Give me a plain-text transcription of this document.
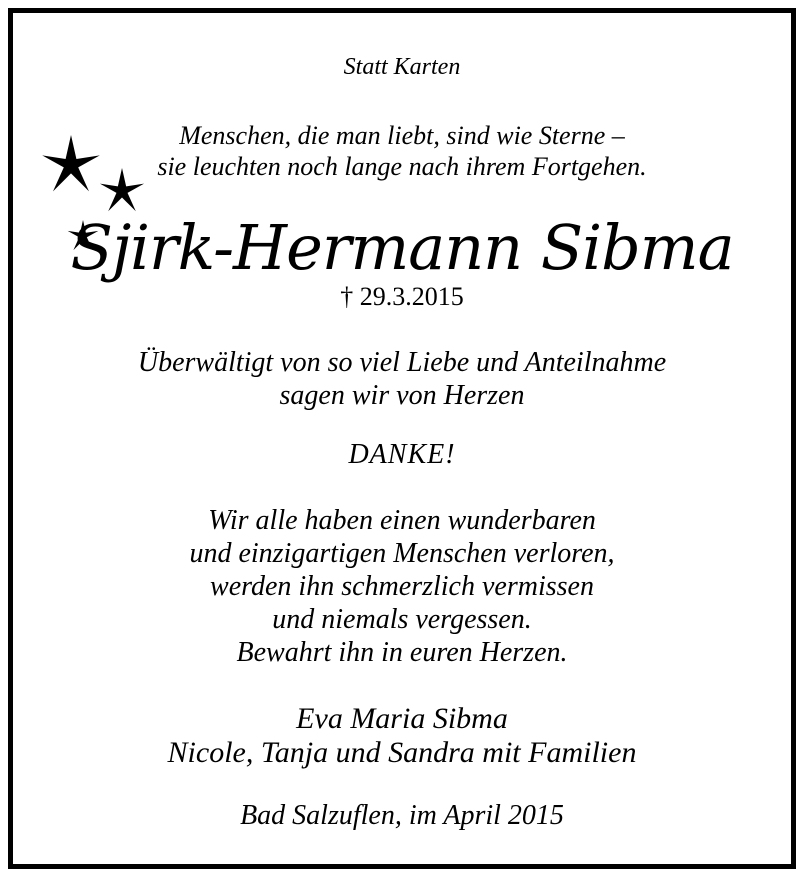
Statt Karten
Menschen, die man liebt, sind wie Sterne –
sie leuchten noch lange nach ihrem Fortgehen.
Sjirk-Hermann Sibma
† 29.3.2015
Überwältigt von so viel Liebe und Anteilnahme
sagen wir von Herzen
DANKE!
Wir alle haben einen wunderbaren
und einzigartigen Menschen verloren,
werden ihn schmerzlich vermissen
und niemals vergessen.
Bewahrt ihn in euren Herzen.
Eva Maria Sibma
Nicole, Tanja und Sandra mit Familien
Bad Salzuflen, im April 2015
